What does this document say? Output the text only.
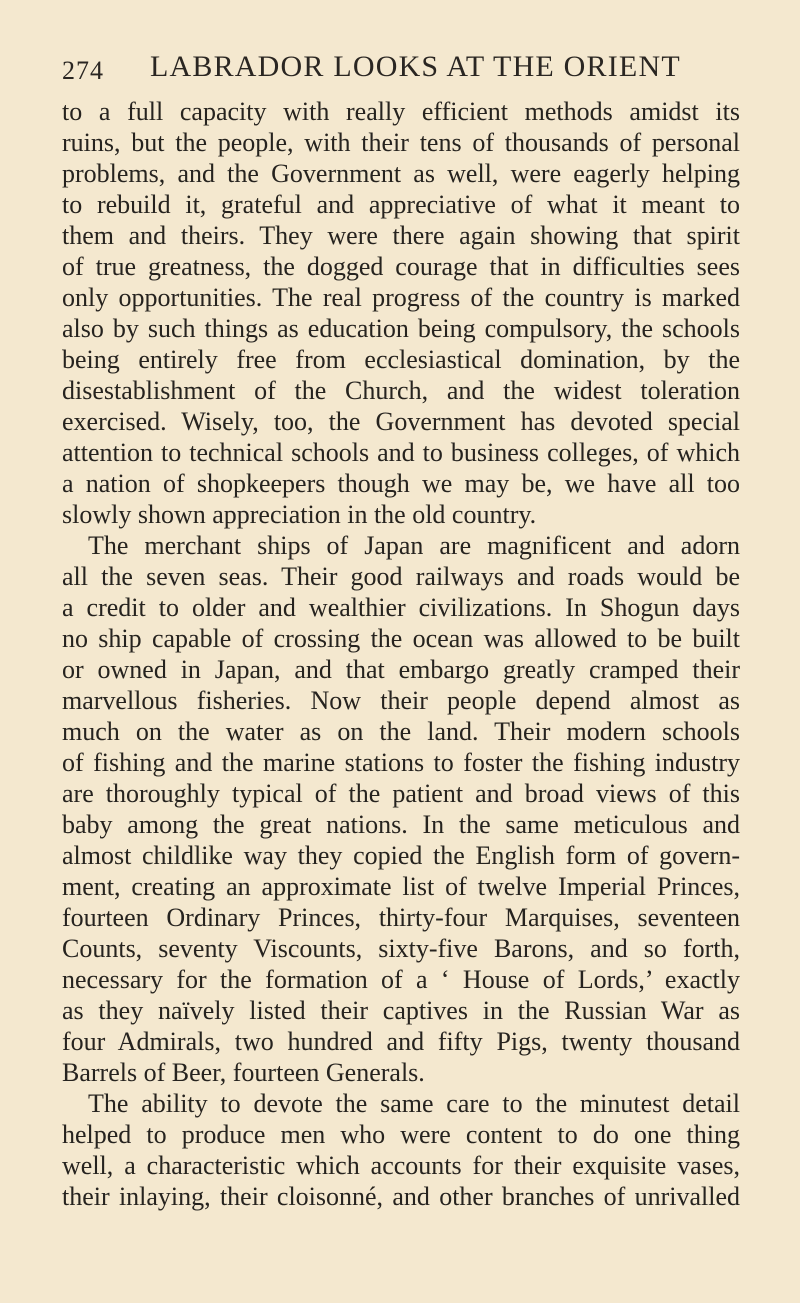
274 LABRADOR LOOKS AT THE ORIENT
to a full capacity with really efficient methods amidst its
ruins, but the people, with their tens of thousands of personal
problems, and the Government as well, were eagerly helping
to rebuild it, grateful and appreciative of what it meant to
them and theirs. They were there again showing that spirit
of true greatness, the dogged courage that in difficulties sees
only opportunities. The real progress of the country is marked
also by such things as education being compulsory, the schools
being entirely free from ecclesiastical domination, by the
disestablishment of the Church, and the widest toleration
exercised. Wisely, too, the Government has devoted special
attention to technical schools and to business colleges, of which
a nation of shopkeepers though we may be, we have all too
slowly shown appreciation in the old country.
The merchant ships of Japan are magnificent and adorn
all the seven seas. Their good railways and roads would be
a credit to older and wealthier civilizations. In Shogun days
no ship capable of crossing the ocean was allowed to be built
or owned in Japan, and that embargo greatly cramped their
marvellous fisheries. Now their people depend almost as
much on the water as on the land. Their modern schools
of fishing and the marine stations to foster the fishing industry
are thoroughly typical of the patient and broad views of this
baby among the great nations. In the same meticulous and
almost childlike way they copied the English form of govern-
ment, creating an approximate list of twelve Imperial Princes,
fourteen Ordinary Princes, thirty-four Marquises, seventeen
Counts, seventy Viscounts, sixty-five Barons, and so forth,
necessary for the formation of a ‘ House of Lords,’ exactly
as they naïvely listed their captives in the Russian War as
four Admirals, two hundred and fifty Pigs, twenty thousand
Barrels of Beer, fourteen Generals.
The ability to devote the same care to the minutest detail
helped to produce men who were content to do one thing
well, a characteristic which accounts for their exquisite vases,
their inlaying, their cloisonné, and other branches of unrivalled
